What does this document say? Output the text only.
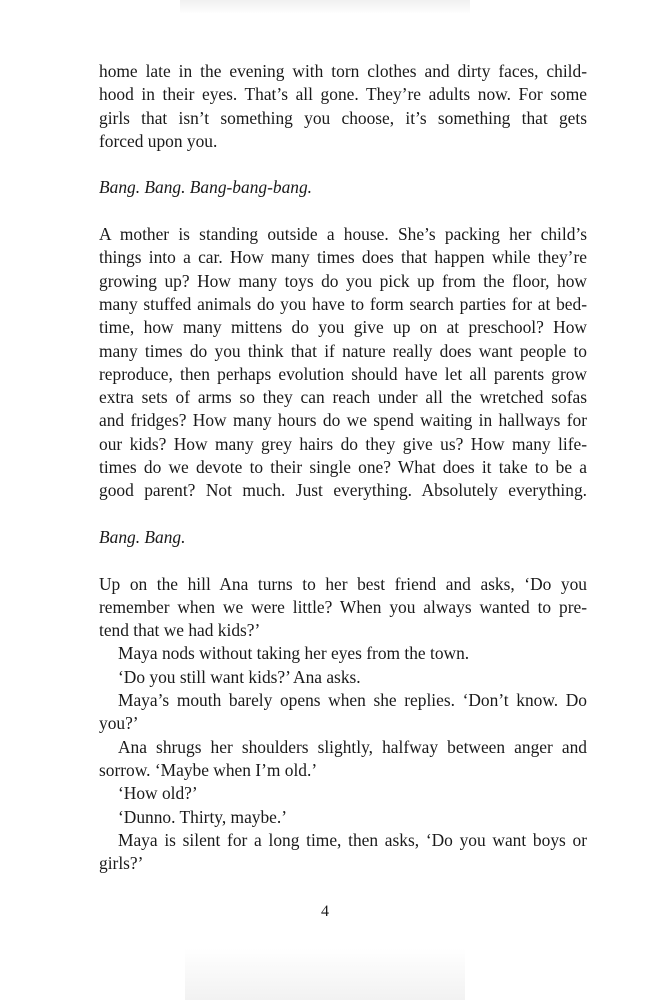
home late in the evening with torn clothes and dirty faces, child-
hood in their eyes. That’s all gone. They’re adults now. For some
girls that isn’t something you choose, it’s something that gets
forced upon you.
Bang. Bang. Bang-bang-bang.
A mother is standing outside a house. She’s packing her child’s
things into a car. How many times does that happen while they’re
growing up? How many toys do you pick up from the floor, how
many stuffed animals do you have to form search parties for at bed-
time, how many mittens do you give up on at preschool? How
many times do you think that if nature really does want people to
reproduce, then perhaps evolution should have let all parents grow
extra sets of arms so they can reach under all the wretched sofas
and fridges? How many hours do we spend waiting in hallways for
our kids? How many grey hairs do they give us? How many life-
times do we devote to their single one? What does it take to be a
good parent? Not much. Just everything. Absolutely everything.
Bang. Bang.
Up on the hill Ana turns to her best friend and asks, ‘Do you
remember when we were little? When you always wanted to pre-
tend that we had kids?’
Maya nods without taking her eyes from the town.
‘Do you still want kids?’ Ana asks.
Maya’s mouth barely opens when she replies. ‘Don’t know. Do
you?’
Ana shrugs her shoulders slightly, halfway between anger and
sorrow. ‘Maybe when I’m old.’
‘How old?’
‘Dunno. Thirty, maybe.’
Maya is silent for a long time, then asks, ‘Do you want boys or
girls?’
4
